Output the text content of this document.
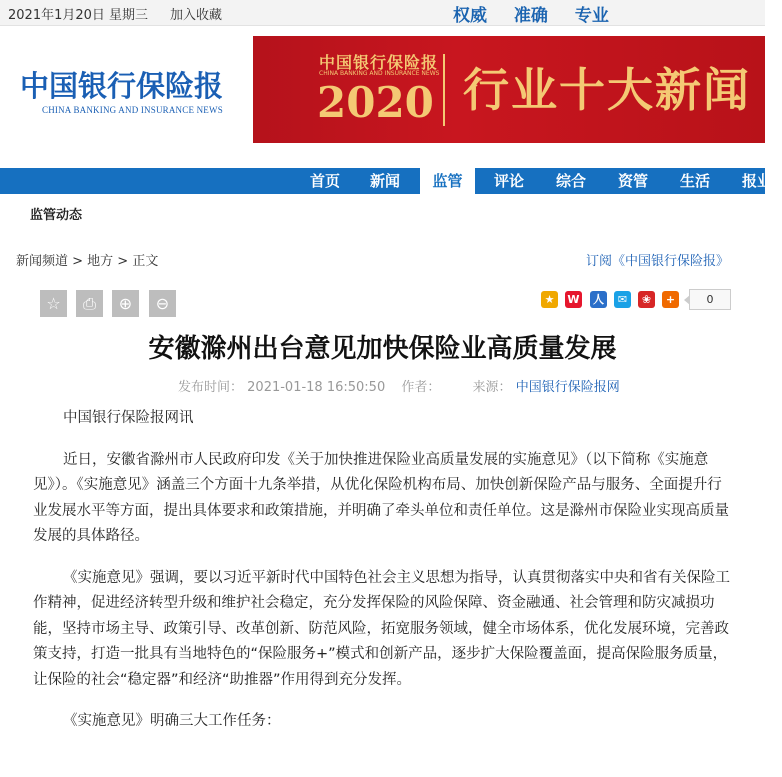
2021年1月20日 星期三 加入收藏	权威 准确 专业
中国银行保险报
CHINA BANKING AND INSURANCE NEWS
中国银行保险报
CHINA BANKING AND INSURANCE NEWS
2020 行业十大新闻
首页	新闻	监管	评论	综合	资管	生活	报业
监管动态
新闻频道 > 地方 > 正文	订阅《中国银行保险报》
☆	⎙	⊕	⊖	★	W 人	✉	❀	+	0
安徽滁州出台意见加快保险业高质量发展
发布时间： 2021-01-18 16:50:50 作者： 来源： 中国银行保险报网

中国银行保险报网讯

近日，安徽省滁州市人民政府印发《关于加快推进保险业高质量发展的实施意见》（以下简称《实施意见》）。《实施意见》涵盖三个方面十九条举措，从优化保险机构布局、加快创新保险产品与服务、全面提升行业发展水平等方面，提出具体要求和政策措施，并明确了牵头单位和责任单位。这是滁州市保险业实现高质量发展的具体路径。

《实施意见》强调，要以习近平新时代中国特色社会主义思想为指导，认真贯彻落实中央和省有关保险工作精神，促进经济转型升级和维护社会稳定，充分发挥保险的风险保障、资金融通、社会管理和防灾减损功能，坚持市场主导、政策引导、改革创新、防范风险，拓宽服务领域，健全市场体系，优化发展环境，完善政策支持，打造一批具有当地特色的“保险服务+”模式和创新产品，逐步扩大保险覆盖面，提高保险服务质量，让保险的社会“稳定器”和经济“助推器”作用得到充分发挥。

《实施意见》明确三大工作任务：
